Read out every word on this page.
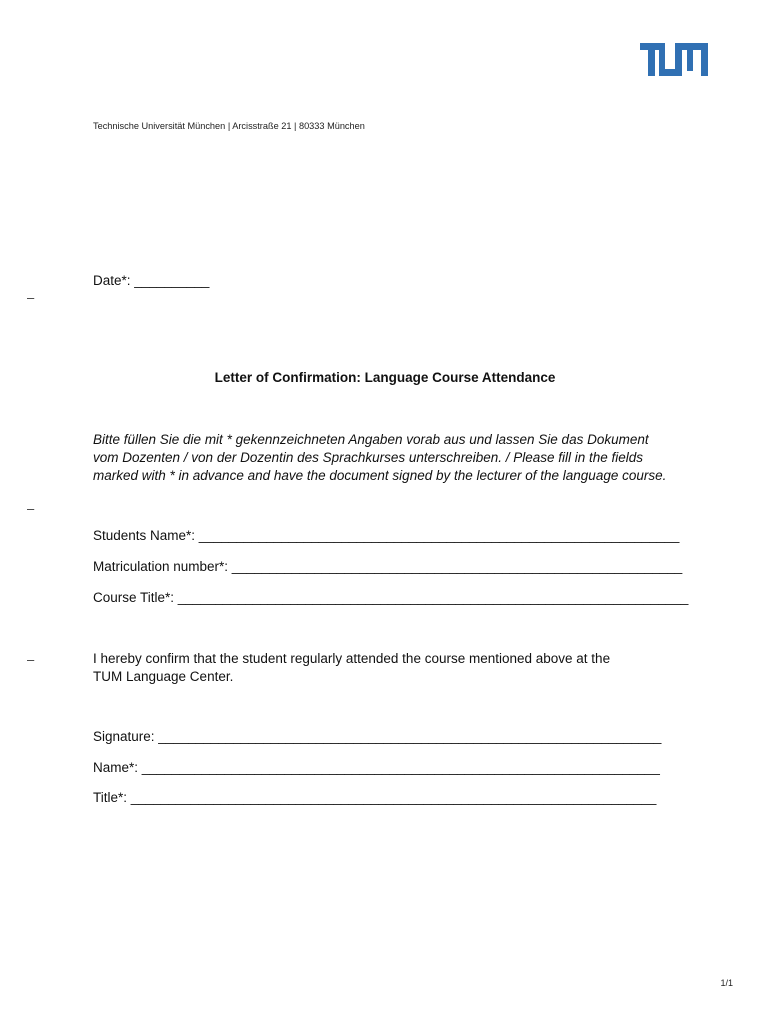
Technische Universität München | Arcisstraße 21 | 80333 München
Date*: __________
–
–
–
Letter of Confirmation: Language Course Attendance
Bitte füllen Sie die mit * gekennzeichneten Angaben vorab aus und lassen Sie das Dokument
vom Dozenten / von der Dozentin des Sprachkurses unterschreiben. / Please fill in the fields
marked with * in advance and have the document signed by the lecturer of the language course.
Students Name*: ________________________________________________________________
Matriculation number*: ____________________________________________________________
Course Title*: ____________________________________________________________________
I hereby confirm that the student regularly attended the course mentioned above at the
TUM Language Center.
Signature: ___________________________________________________________________
Name*: _____________________________________________________________________
Title*: ______________________________________________________________________
1/1
